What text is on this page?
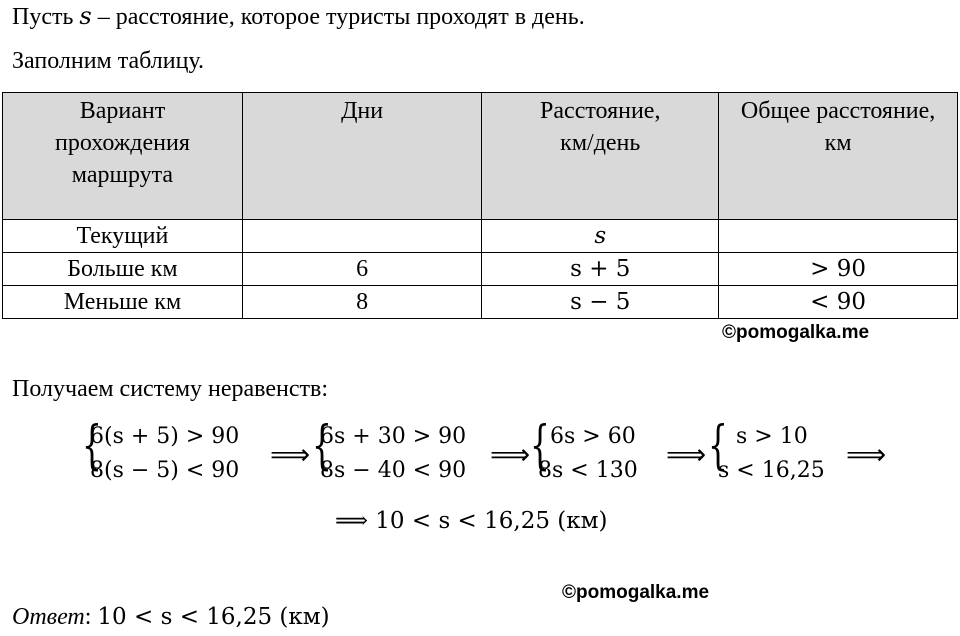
Пусть s – расстояние, которое туристы проходят в день.
Заполним таблицу.
Вариант прохождения маршрута	Дни	Расстояние, км/день	Общее расстояние, км
Текущий		s	
Больше км	6	s + 5	> 90
Меньше км	8	s − 5	< 90
©pomogalka.me
Получаем систему неравенств:
{
6(s + 5) > 90
8(s − 5) < 90 ⟹ {
6s + 30 > 90
8s − 40 < 90 ⟹ { 6s > 60
8s < 130 ⟹ { s > 10
s < 16,25 ⟹
⟹ 10 < s < 16,25 (км)
©pomogalka.me
Ответ: 10 < s < 16,25 (км)
